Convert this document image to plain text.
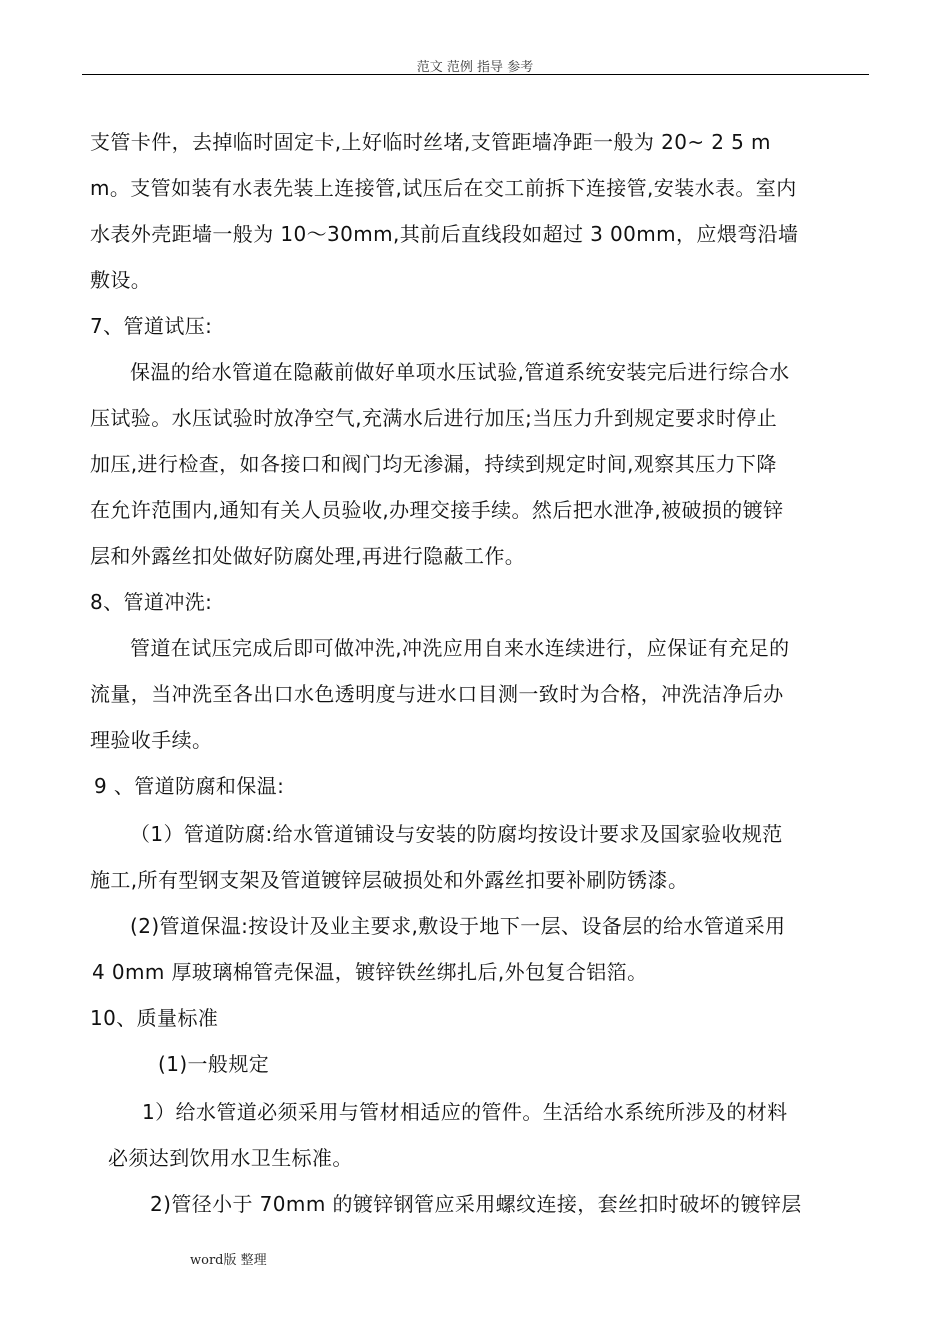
范文 范例 指导 参考
支管卡件，去掉临时固定卡,上好临时丝堵,支管距墙净距一般为 20~ 2 5 m
m。支管如装有水表先装上连接管,试压后在交工前拆下连接管,安装水表。室内
水表外壳距墙一般为 10～30mm,其前后直线段如超过 3 00mm，应煨弯沿墙
敷设。
7、管道试压:
保温的给水管道在隐蔽前做好单项水压试验,管道系统安装完后进行综合水
压试验。水压试验时放净空气,充满水后进行加压;当压力升到规定要求时停止
加压,进行检查，如各接口和阀门均无渗漏，持续到规定时间,观察其压力下降
在允许范围内,通知有关人员验收,办理交接手续。然后把水泄净,被破损的镀锌
层和外露丝扣处做好防腐处理,再进行隐蔽工作。
8、管道冲洗:
管道在试压完成后即可做冲洗,冲洗应用自来水连续进行，应保证有充足的
流量，当冲洗至各出口水色透明度与进水口目测一致时为合格，冲洗洁净后办
理验收手续。
9 、管道防腐和保温:
（1）管道防腐:给水管道铺设与安装的防腐均按设计要求及国家验收规范
施工,所有型钢支架及管道镀锌层破损处和外露丝扣要补刷防锈漆。
(2)管道保温:按设计及业主要求,敷设于地下一层、设备层的给水管道采用
4 0mm 厚玻璃棉管壳保温，镀锌铁丝绑扎后,外包复合铝箔。
10、质量标准
(1)一般规定
1）给水管道必须采用与管材相适应的管件。生活给水系统所涉及的材料
必须达到饮用水卫生标准。
2)管径小于 70mm 的镀锌钢管应采用螺纹连接，套丝扣时破坏的镀锌层
word版 整理
